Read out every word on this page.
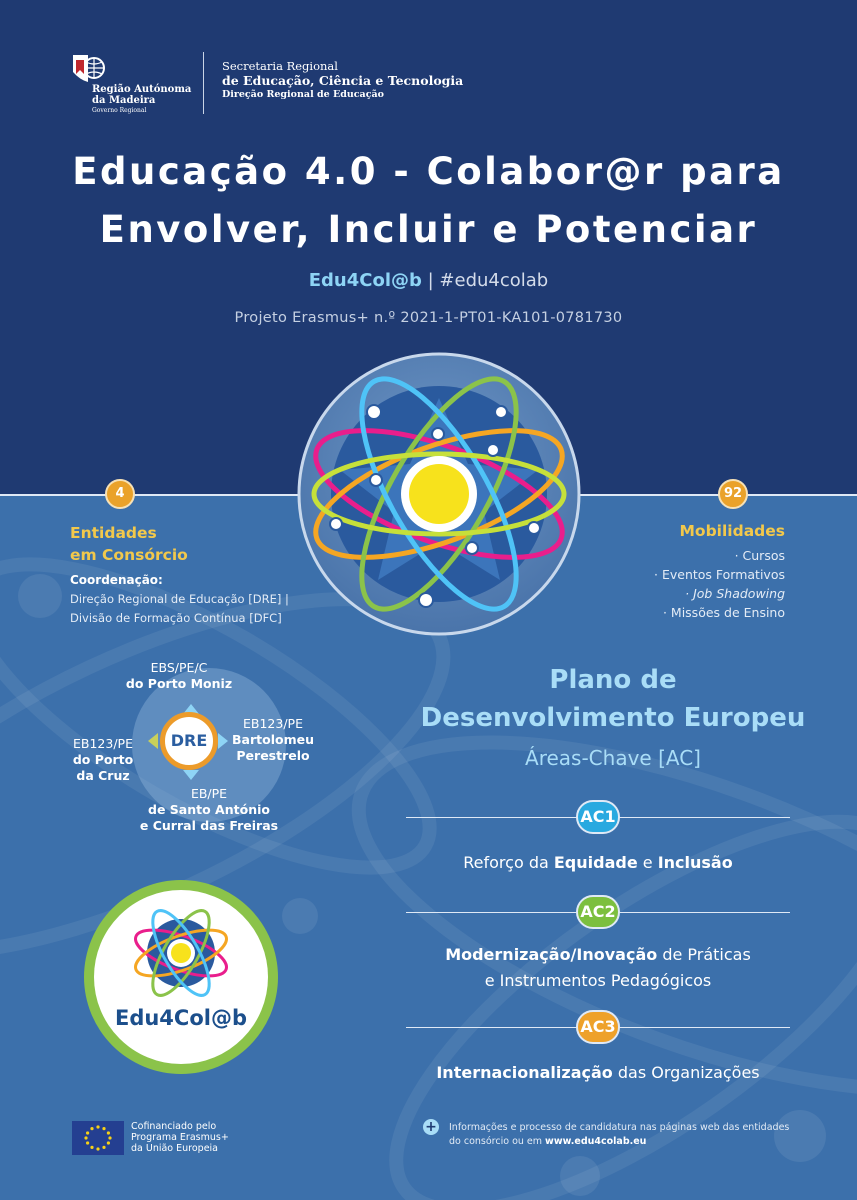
Região Autónoma
da Madeira
Governo Regional
Secretaria Regional
de Educação, Ciência e Tecnologia
Direção Regional de Educação
Educação 4.0 - Colabor@r para
Envolver, Incluir e Potenciar
Edu4Col@b | #edu4colab
Projeto Erasmus+ n.º 2021-1-PT01-KA101-0781730
4
Entidades
em Consórcio
Coordenação:
Direção Regional de Educação [DRE] |
Divisão de Formação Contínua [DFC]
92
Mobilidades
· Cursos
· Eventos Formativos
· Job Shadowing
· Missões de Ensino
DRE
EBS/PE/C
do Porto Moniz
EB123/PE
Bartolomeu
Perestrelo
EB123/PE
do Porto
da Cruz
EB/PE
de Santo António
e Curral das Freiras
Edu4Col@b
Plano de
Desenvolvimento Europeu
Áreas-Chave [AC]
AC1
AC2
AC3
Reforço da Equidade e Inclusão
Modernização/Inovação de Práticas
e Instrumentos Pedagógicos
Internacionalização das Organizações
Cofinanciado pelo
Programa Erasmus+
da União Europeia
+ Informações e processo de candidatura nas páginas web das entidades
do consórcio ou em www.edu4colab.eu
